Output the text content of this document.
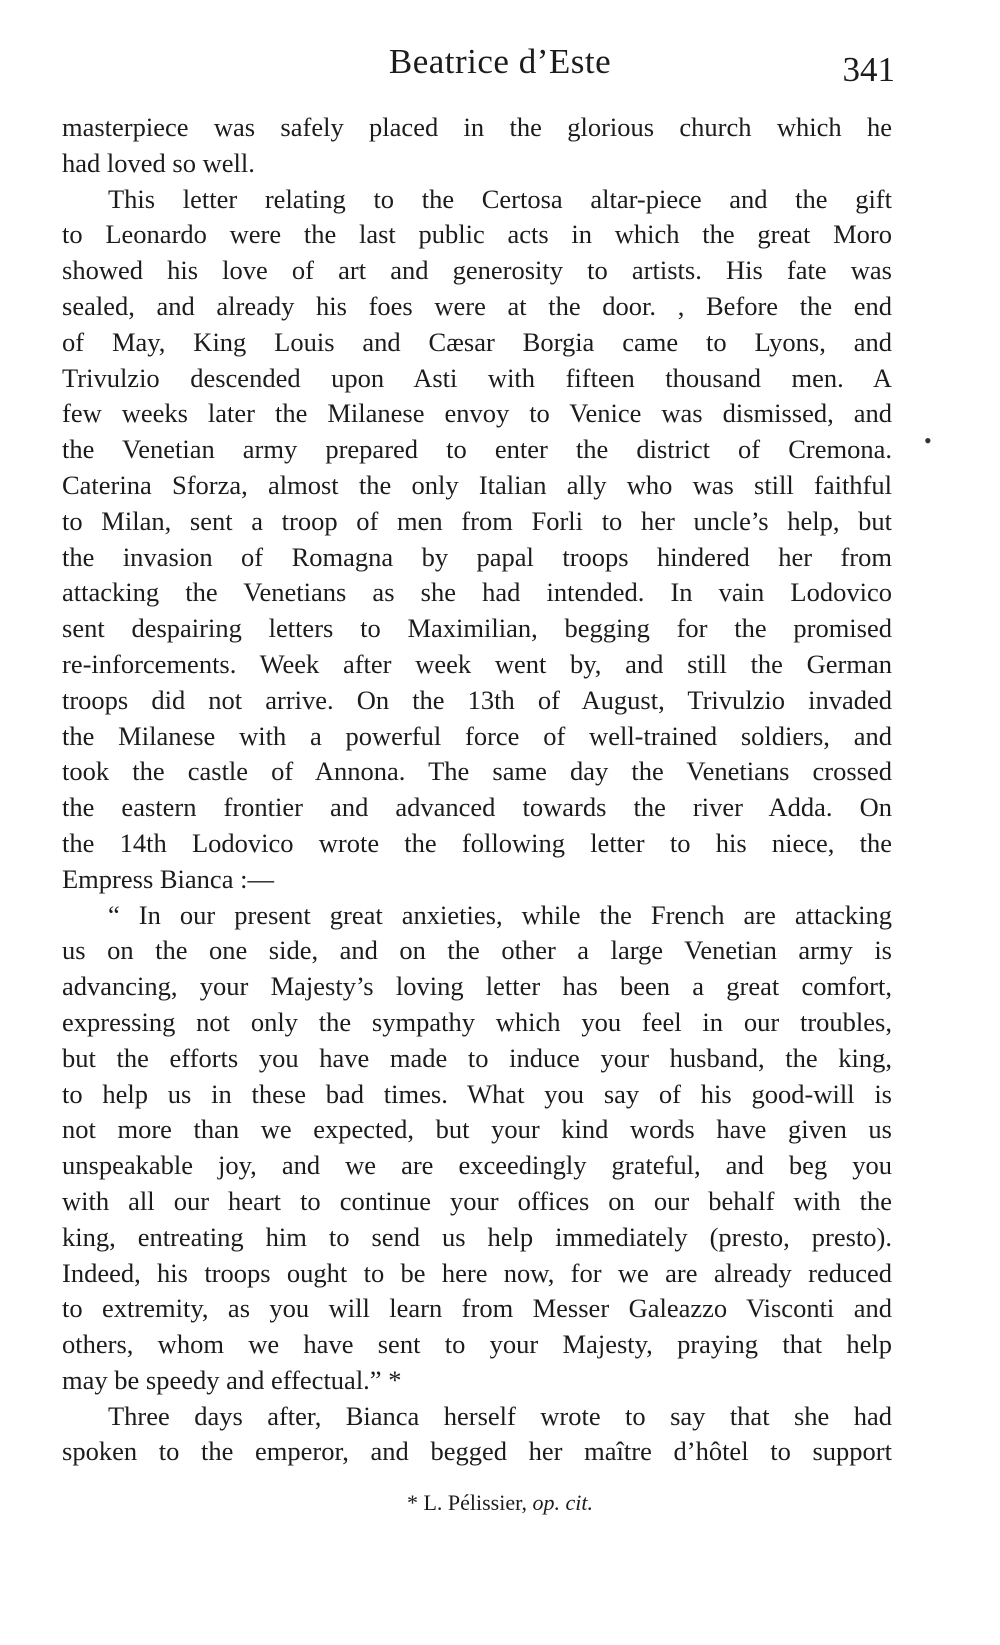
Beatrice d’Este	341
masterpiece was safely placed in the glorious church which he
had loved so well.
This letter relating to the Certosa altar-piece and the gift
to Leonardo were the last public acts in which the great Moro
showed his love of art and generosity to artists. His fate was
sealed, and already his foes were at the door. , Before the end
of May, King Louis and Cæsar Borgia came to Lyons, and
Trivulzio descended upon Asti with fifteen thousand men. A
few weeks later the Milanese envoy to Venice was dismissed, and
the Venetian army prepared to enter the district of Cremona.
Caterina Sforza, almost the only Italian ally who was still faithful
to Milan, sent a troop of men from Forli to her uncle’s help, but
the invasion of Romagna by papal troops hindered her from
attacking the Venetians as she had intended. In vain Lodovico
sent despairing letters to Maximilian, begging for the promised
re-inforcements. Week after week went by, and still the German
troops did not arrive. On the 13th of August, Trivulzio invaded
the Milanese with a powerful force of well-trained soldiers, and
took the castle of Annona. The same day the Venetians crossed
the eastern frontier and advanced towards the river Adda. On
the 14th Lodovico wrote the following letter to his niece, the
Empress Bianca :—
“ In our present great anxieties, while the French are attacking
us on the one side, and on the other a large Venetian army is
advancing, your Majesty’s loving letter has been a great comfort,
expressing not only the sympathy which you feel in our troubles,
but the efforts you have made to induce your husband, the king,
to help us in these bad times. What you say of his good-will is
not more than we expected, but your kind words have given us
unspeakable joy, and we are exceedingly grateful, and beg you
with all our heart to continue your offices on our behalf with the
king, entreating him to send us help immediately (presto, presto).
Indeed, his troops ought to be here now, for we are already reduced
to extremity, as you will learn from Messer Galeazzo Visconti and
others, whom we have sent to your Majesty, praying that help
may be speedy and effectual.” *
Three days after, Bianca herself wrote to say that she had
spoken to the emperor, and begged her maître d’hôtel to support
•
* L. Pélissier, op. cit.
